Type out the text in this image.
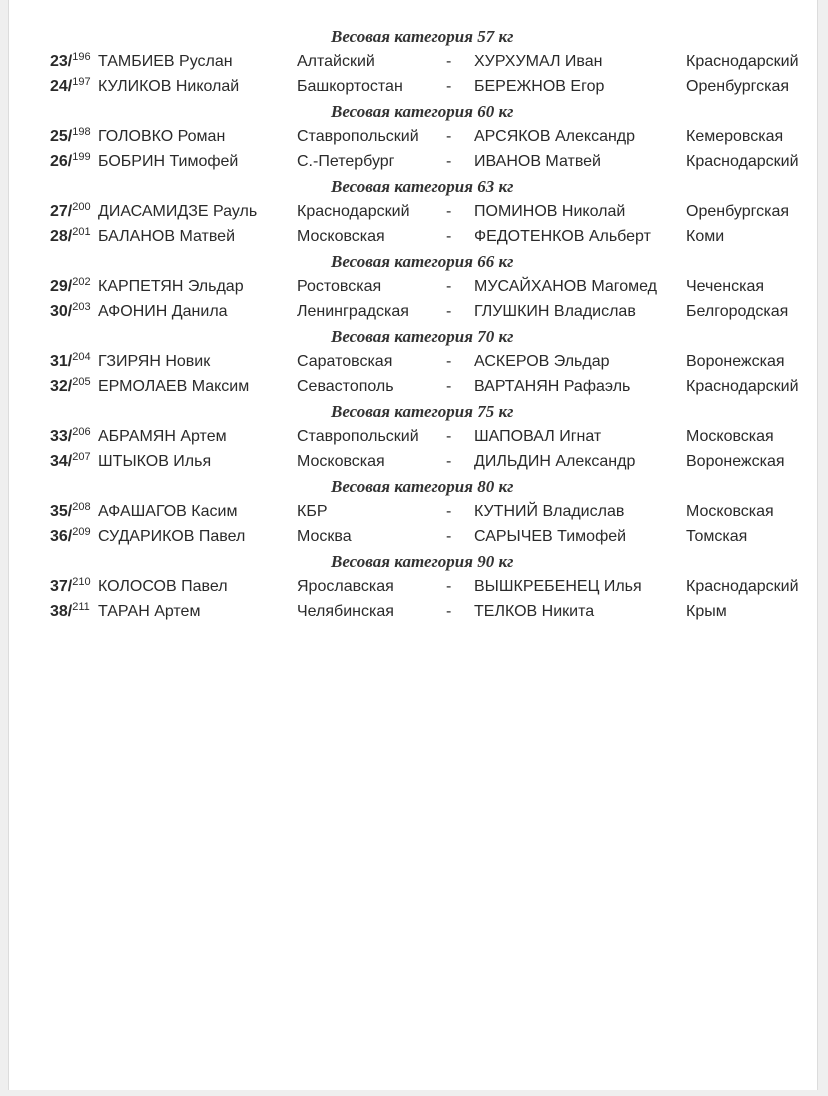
Весовая категория 57 кг
23/$^{196}$ ТАМБИЕВ Руслан	Алтайский	- ХУРХУМАЛ Иван	Краснодарский
24/$^{197}$ КУЛИКОВ Николай	Башкортостан	- БЕРЕЖНОВ Егор	Оренбургская
Весовая категория 60 кг
25/$^{198}$ ГОЛОВКО Роман	Ставропольский - АРСЯКОВ Александр	Кемеровская
26/$^{199}$ БОБРИН Тимофей	С.-Петербург	- ИВАНОВ Матвей	Краснодарский
Весовая категория 63 кг
27/$^{200}$ ДИАСАМИДЗЕ Рауль Краснодарский - ПОМИНОВ Николай	Оренбургская
28/$^{201}$ БАЛАНОВ Матвей	Московская	- ФЕДОТЕНКОВ Альберт Коми
Весовая категория 66 кг
29/$^{202}$ КАРПЕТЯН Эльдар	Ростовская	- МУСАЙХАНОВ Магомед Чеченская
30/$^{203}$ АФОНИН Данила	Ленинградская - ГЛУШКИН Владислав	Белгородская
Весовая категория 70 кг
31/$^{204}$ ГЗИРЯН Новик	Саратовская	- АСКЕРОВ Эльдар	Воронежская
32/$^{205}$ ЕРМОЛАЕВ Максим	Севастополь	- ВАРТАНЯН Рафаэль	Краснодарский
Весовая категория 75 кг
33/$^{206}$ АБРАМЯН Артем	Ставропольский - ШАПОВАЛ Игнат	Московская
34/$^{207}$ ШТЫКОВ Илья	Московская	- ДИЛЬДИН Александр	Воронежская
Весовая категория 80 кг
35/$^{208}$ АФАШАГОВ Касим	КБР	- КУТНИЙ Владислав	Московская
36/$^{209}$ СУДАРИКОВ Павел	Москва	- САРЫЧЕВ Тимофей	Томская
Весовая категория 90 кг
37/$^{210}$ КОЛОСОВ Павел	Ярославская	- ВЫШКРЕБЕНЕЦ Илья	Краснодарский
38/$^{211}$ ТАРАН Артем	Челябинская	- ТЕЛКОВ Никита	Крым
